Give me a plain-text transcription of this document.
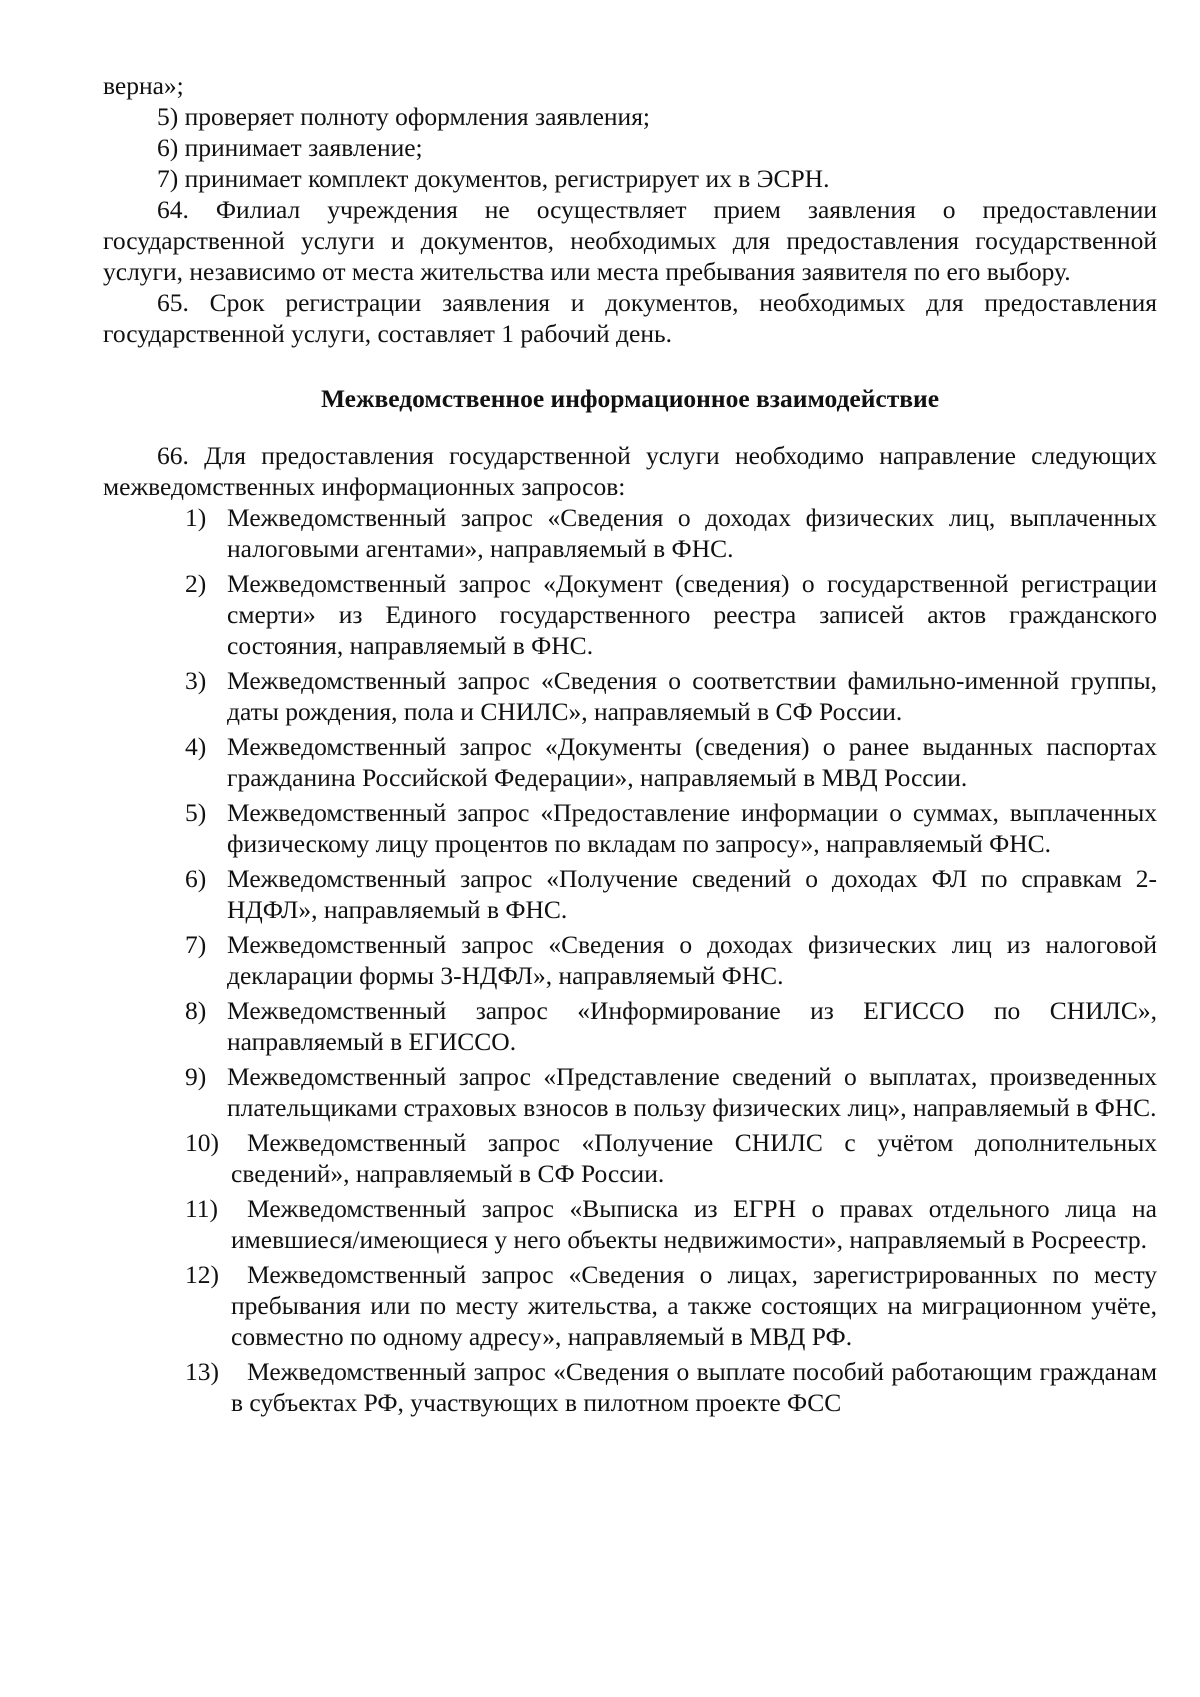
верна»;

5) проверяет полноту оформления заявления;

6) принимает заявление;

7) принимает комплект документов, регистрирует их в ЭСРН.

64. Филиал учреждения не осуществляет прием заявления о предоставлении государственной услуги и документов, необходимых для предоставления государственной услуги, независимо от места жительства или места пребывания заявителя по его выбору.

65. Срок регистрации заявления и документов, необходимых для предоставления государственной услуги, составляет 1 рабочий день.

Межведомственное информационное взаимодействие

66. Для предоставления государственной услуги необходимо направление следующих межведомственных информационных запросов:

1) Межведомственный запрос «Сведения о доходах физических лиц, выплаченных налоговыми агентами», направляемый в ФНС.
2) Межведомственный запрос «Документ (сведения) о государственной регистрации смерти» из Единого государственного реестра записей актов гражданского состояния, направляемый в ФНС.
3) Межведомственный запрос «Сведения о соответствии фамильно-именной группы, даты рождения, пола и СНИЛС», направляемый в СФ России.
4) Межведомственный запрос «Документы (сведения) о ранее выданных паспортах гражданина Российской Федерации», направляемый в МВД России.
5) Межведомственный запрос «Предоставление информации о суммах, выплаченных физическому лицу процентов по вкладам по запросу», направляемый ФНС.
6) Межведомственный запрос «Получение сведений о доходах ФЛ по справкам 2-НДФЛ», направляемый в ФНС.
7) Межведомственный запрос «Сведения о доходах физических лиц из налоговой декларации формы 3-НДФЛ», направляемый ФНС.
8) Межведомственный запрос «Информирование из ЕГИССО по СНИЛС», направляемый в ЕГИССО.
9) Межведомственный запрос «Представление сведений о выплатах, произведенных плательщиками страховых взносов в пользу физических лиц», направляемый в ФНС.
10)	Межведомственный запрос «Получение СНИЛС с учётом дополнительных сведений», направляемый в СФ России.
11)	Межведомственный запрос «Выписка из ЕГРН о правах отдельного лица на имевшиеся/имеющиеся у него объекты недвижимости», направляемый в Росреестр.
12)	Межведомственный запрос «Сведения о лицах, зарегистрированных по месту пребывания или по месту жительства, а также состоящих на миграционном учёте, совместно по одному адресу», направляемый в МВД РФ.
13)	Межведомственный запрос «Сведения о выплате пособий работающим гражданам в субъектах РФ, участвующих в пилотном проекте ФСС
